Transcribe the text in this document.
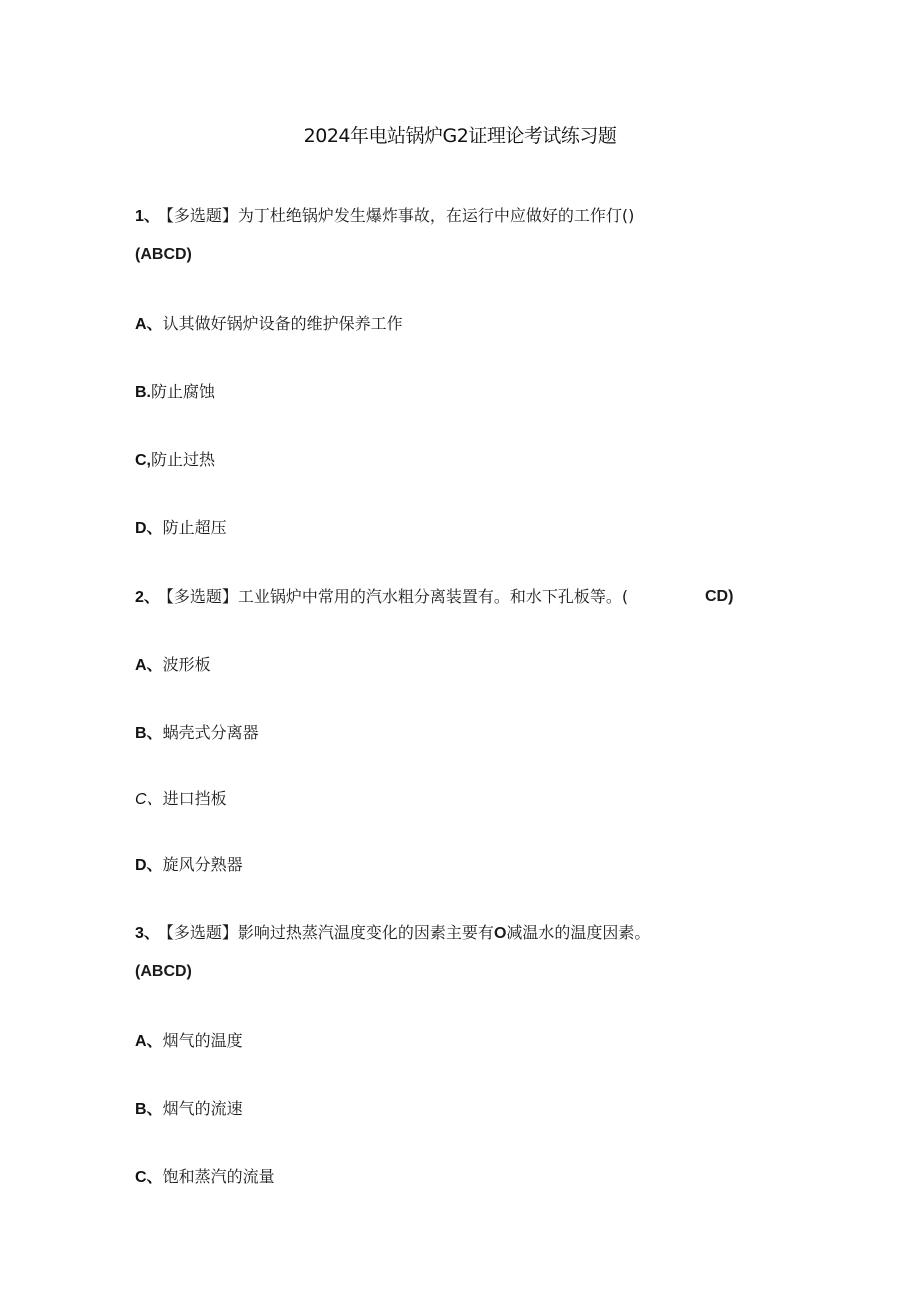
2024年电站锅炉G2证理论考试练习题
1、 【多选题】为丁杜绝锅炉发生爆炸事故，在运行中应做好的工作仃()
(ABCD)
A、认其做好锅炉设备的维护保养工作
B.防止腐蚀
C,防止过热
D、防止超压
2、 【多选题】工业锅炉中常用的汽水粗分离装置有。和水下孔板等。(	CD)
A、波形板
B、蜗壳式分离器
C、进口挡板
D、旋风分熟器
3、 【多选题】影响过热蒸汽温度变化的因素主要有O减温水的温度因素。
(ABCD)
A、烟气的温度
B、烟气的流速
C、饱和蒸汽的流量
